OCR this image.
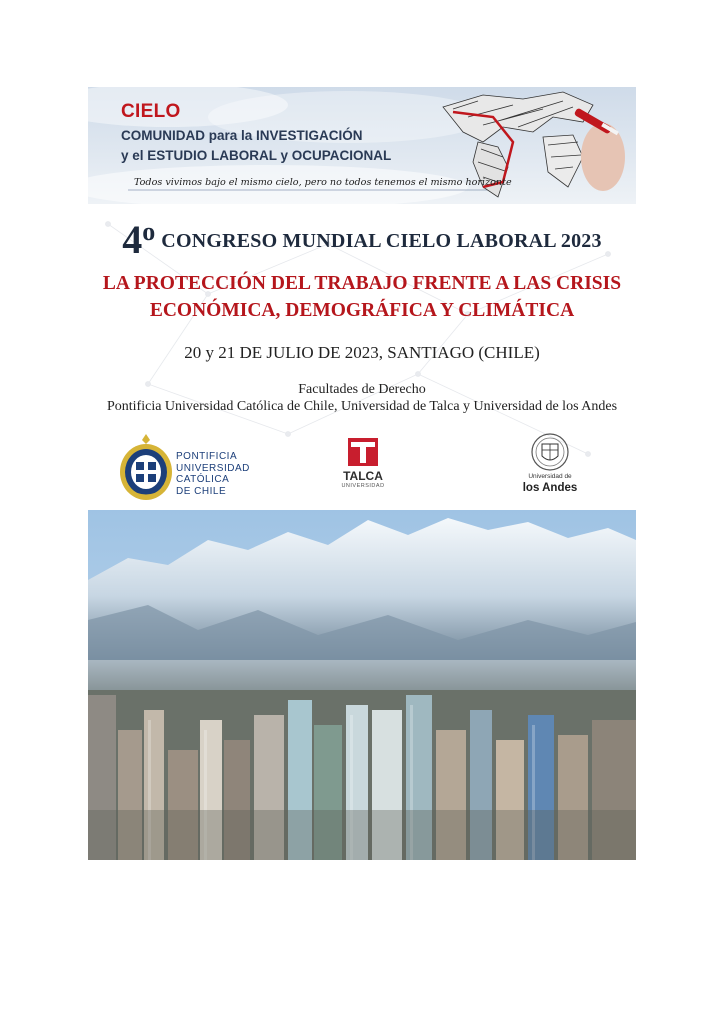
CIELO
COMUNIDAD para la INVESTIGACIÓN
y el ESTUDIO LABORAL y OCUPACIONAL
Todos vivimos bajo el mismo cielo, pero no todos tenemos el mismo horizonte
4$^o$ CONGRESO MUNDIAL CIELO LABORAL 2023
LA PROTECCIÓN DEL TRABAJO FRENTE A LAS CRISIS
ECONÓMICA, DEMOGRÁFICA Y CLIMÁTICA
20 y 21 DE JULIO DE 2023, SANTIAGO (CHILE)
Facultades de Derecho
Pontificia Universidad Católica de Chile, Universidad de Talca y Universidad de los Andes
PONTIFICIA
UNIVERSIDAD
CATÓLICA
DE CHILE
TALCA
UNIVERSIDAD
Universidad de
los Andes
